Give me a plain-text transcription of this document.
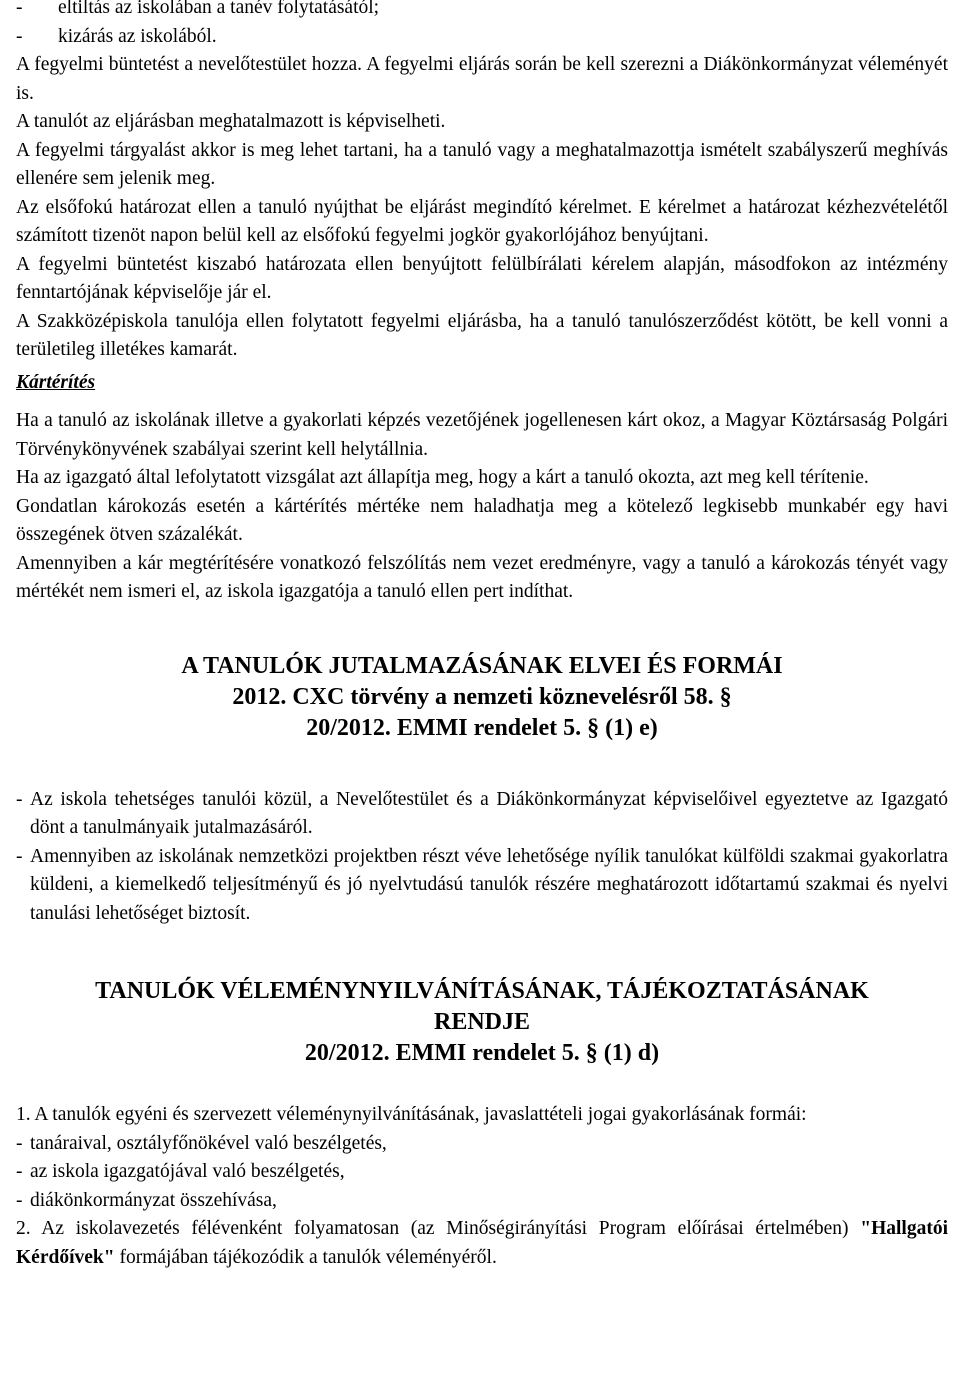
-	eltiltás az iskolában a tanév folytatásától;
-	kizárás az iskolából.

A fegyelmi büntetést a nevelőtestület hozza. A fegyelmi eljárás során be kell szerezni a Diákönkormányzat véleményét is.

A tanulót az eljárásban meghatalmazott is képviselheti.

A fegyelmi tárgyalást akkor is meg lehet tartani, ha a tanuló vagy a meghatalmazottja ismételt szabályszerű meghívás ellenére sem jelenik meg.

Az elsőfokú határozat ellen a tanuló nyújthat be eljárást megindító kérelmet. E kérelmet a határozat kézhezvételétől számított tizenöt napon belül kell az elsőfokú fegyelmi jogkör gyakorlójához benyújtani.

A fegyelmi büntetést kiszabó határozata ellen benyújtott felülbírálati kérelem alapján, másodfokon az intézmény fenntartójának képviselője jár el.

A Szakközépiskola tanulója ellen folytatott fegyelmi eljárásba, ha a tanuló tanulószerződést kötött, be kell vonni a területileg illetékes kamarát.

Kártérítés

Ha a tanuló az iskolának illetve a gyakorlati képzés vezetőjének jogellenesen kárt okoz, a Magyar Köztársaság Polgári Törvénykönyvének szabályai szerint kell helytállnia.

Ha az igazgató által lefolytatott vizsgálat azt állapítja meg, hogy a kárt a tanuló okozta, azt meg kell térítenie.

Gondatlan károkozás esetén a kártérítés mértéke nem haladhatja meg a kötelező legkisebb munkabér egy havi összegének ötven százalékát.

Amennyiben a kár megtérítésére vonatkozó felszólítás nem vezet eredményre, vagy a tanuló a károkozás tényét vagy mértékét nem ismeri el, az iskola igazgatója a tanuló ellen pert indíthat.

A TANULÓK JUTALMAZÁSÁNAK ELVEI ÉS FORMÁI
2012. CXC törvény a nemzeti köznevelésről 58. §
20/2012. EMMI rendelet 5. § (1) e)
- Az iskola tehetséges tanulói közül, a Nevelőtestület és a Diákönkormányzat képviselőivel egyeztetve az Igazgató dönt a tanulmányaik jutalmazásáról.
- Amennyiben az iskolának nemzetközi projektben részt véve lehetősége nyílik tanulókat külföldi szakmai gyakorlatra küldeni, a kiemelkedő teljesítményű és jó nyelvtudású tanulók részére meghatározott időtartamú szakmai és nyelvi tanulási lehetőséget biztosít.
TANULÓK VÉLEMÉNYNYILVÁNÍTÁSÁNAK, TÁJÉKOZTATÁSÁNAK
RENDJE
20/2012. EMMI rendelet 5. § (1) d)

1. A tanulók egyéni és szervezett véleménynyilvánításának, javaslattételi jogai gyakorlásának formái:

- tanáraival, osztályfőnökével való beszélgetés,
- az iskola igazgatójával való beszélgetés,
- diákönkormányzat összehívása,

2. Az iskolavezetés félévenként folyamatosan (az Minőségirányítási Program előírásai értelmében) "Hallgatói Kérdőívek" formájában tájékozódik a tanulók véleményéről.
